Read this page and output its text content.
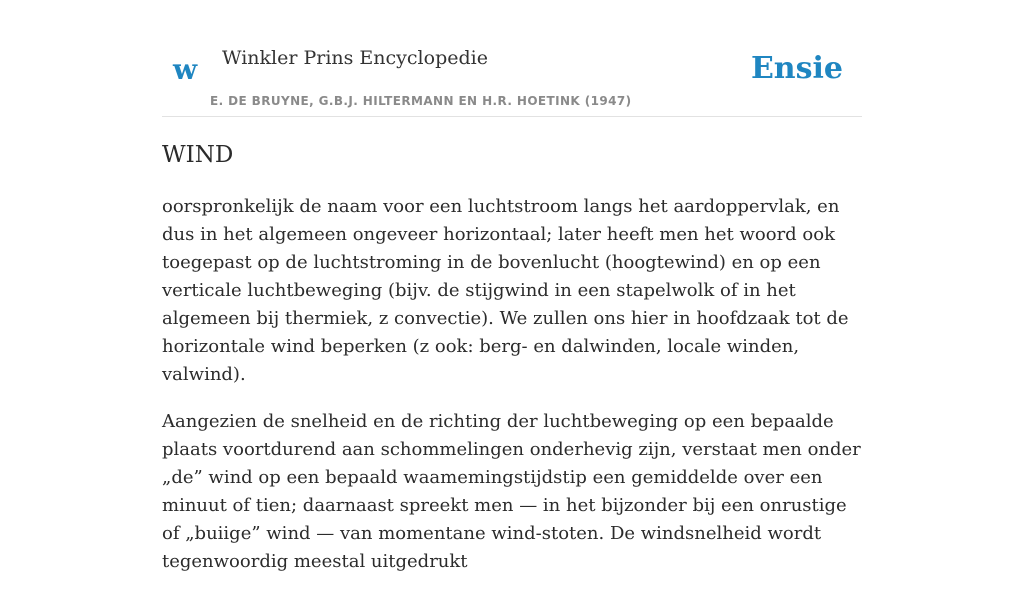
w Winkler Prins Encyclopedie
E. DE BRUYNE, G.B.J. HILTERMANN EN H.R. HOETINK (1947)
Ensie
WIND

oorspronkelijk de naam voor een luchtstroom langs het aardoppervlak, en dus in het algemeen ongeveer horizontaal; later heeft men het woord ook toegepast op de luchtstroming in de bovenlucht (hoogtewind) en op een verticale luchtbeweging (bijv. de stijgwind in een stapelwolk of in het algemeen bij thermiek, z convectie). We zullen ons hier in hoofdzaak tot de horizontale wind beperken (z ook: berg- en dalwinden, locale winden, valwind).

Aangezien de snelheid en de richting der luchtbeweging op een bepaalde plaats voortdurend aan schommelingen onderhevig zijn, verstaat men onder „de” wind op een bepaald waamemingstijdstip een gemiddelde over een minuut of tien; daarnaast spreekt men — in het bijzonder bij een onrustige of „buiige” wind — van momentane wind-stoten. De windsnelheid wordt tegenwoordig meestal uitgedrukt
